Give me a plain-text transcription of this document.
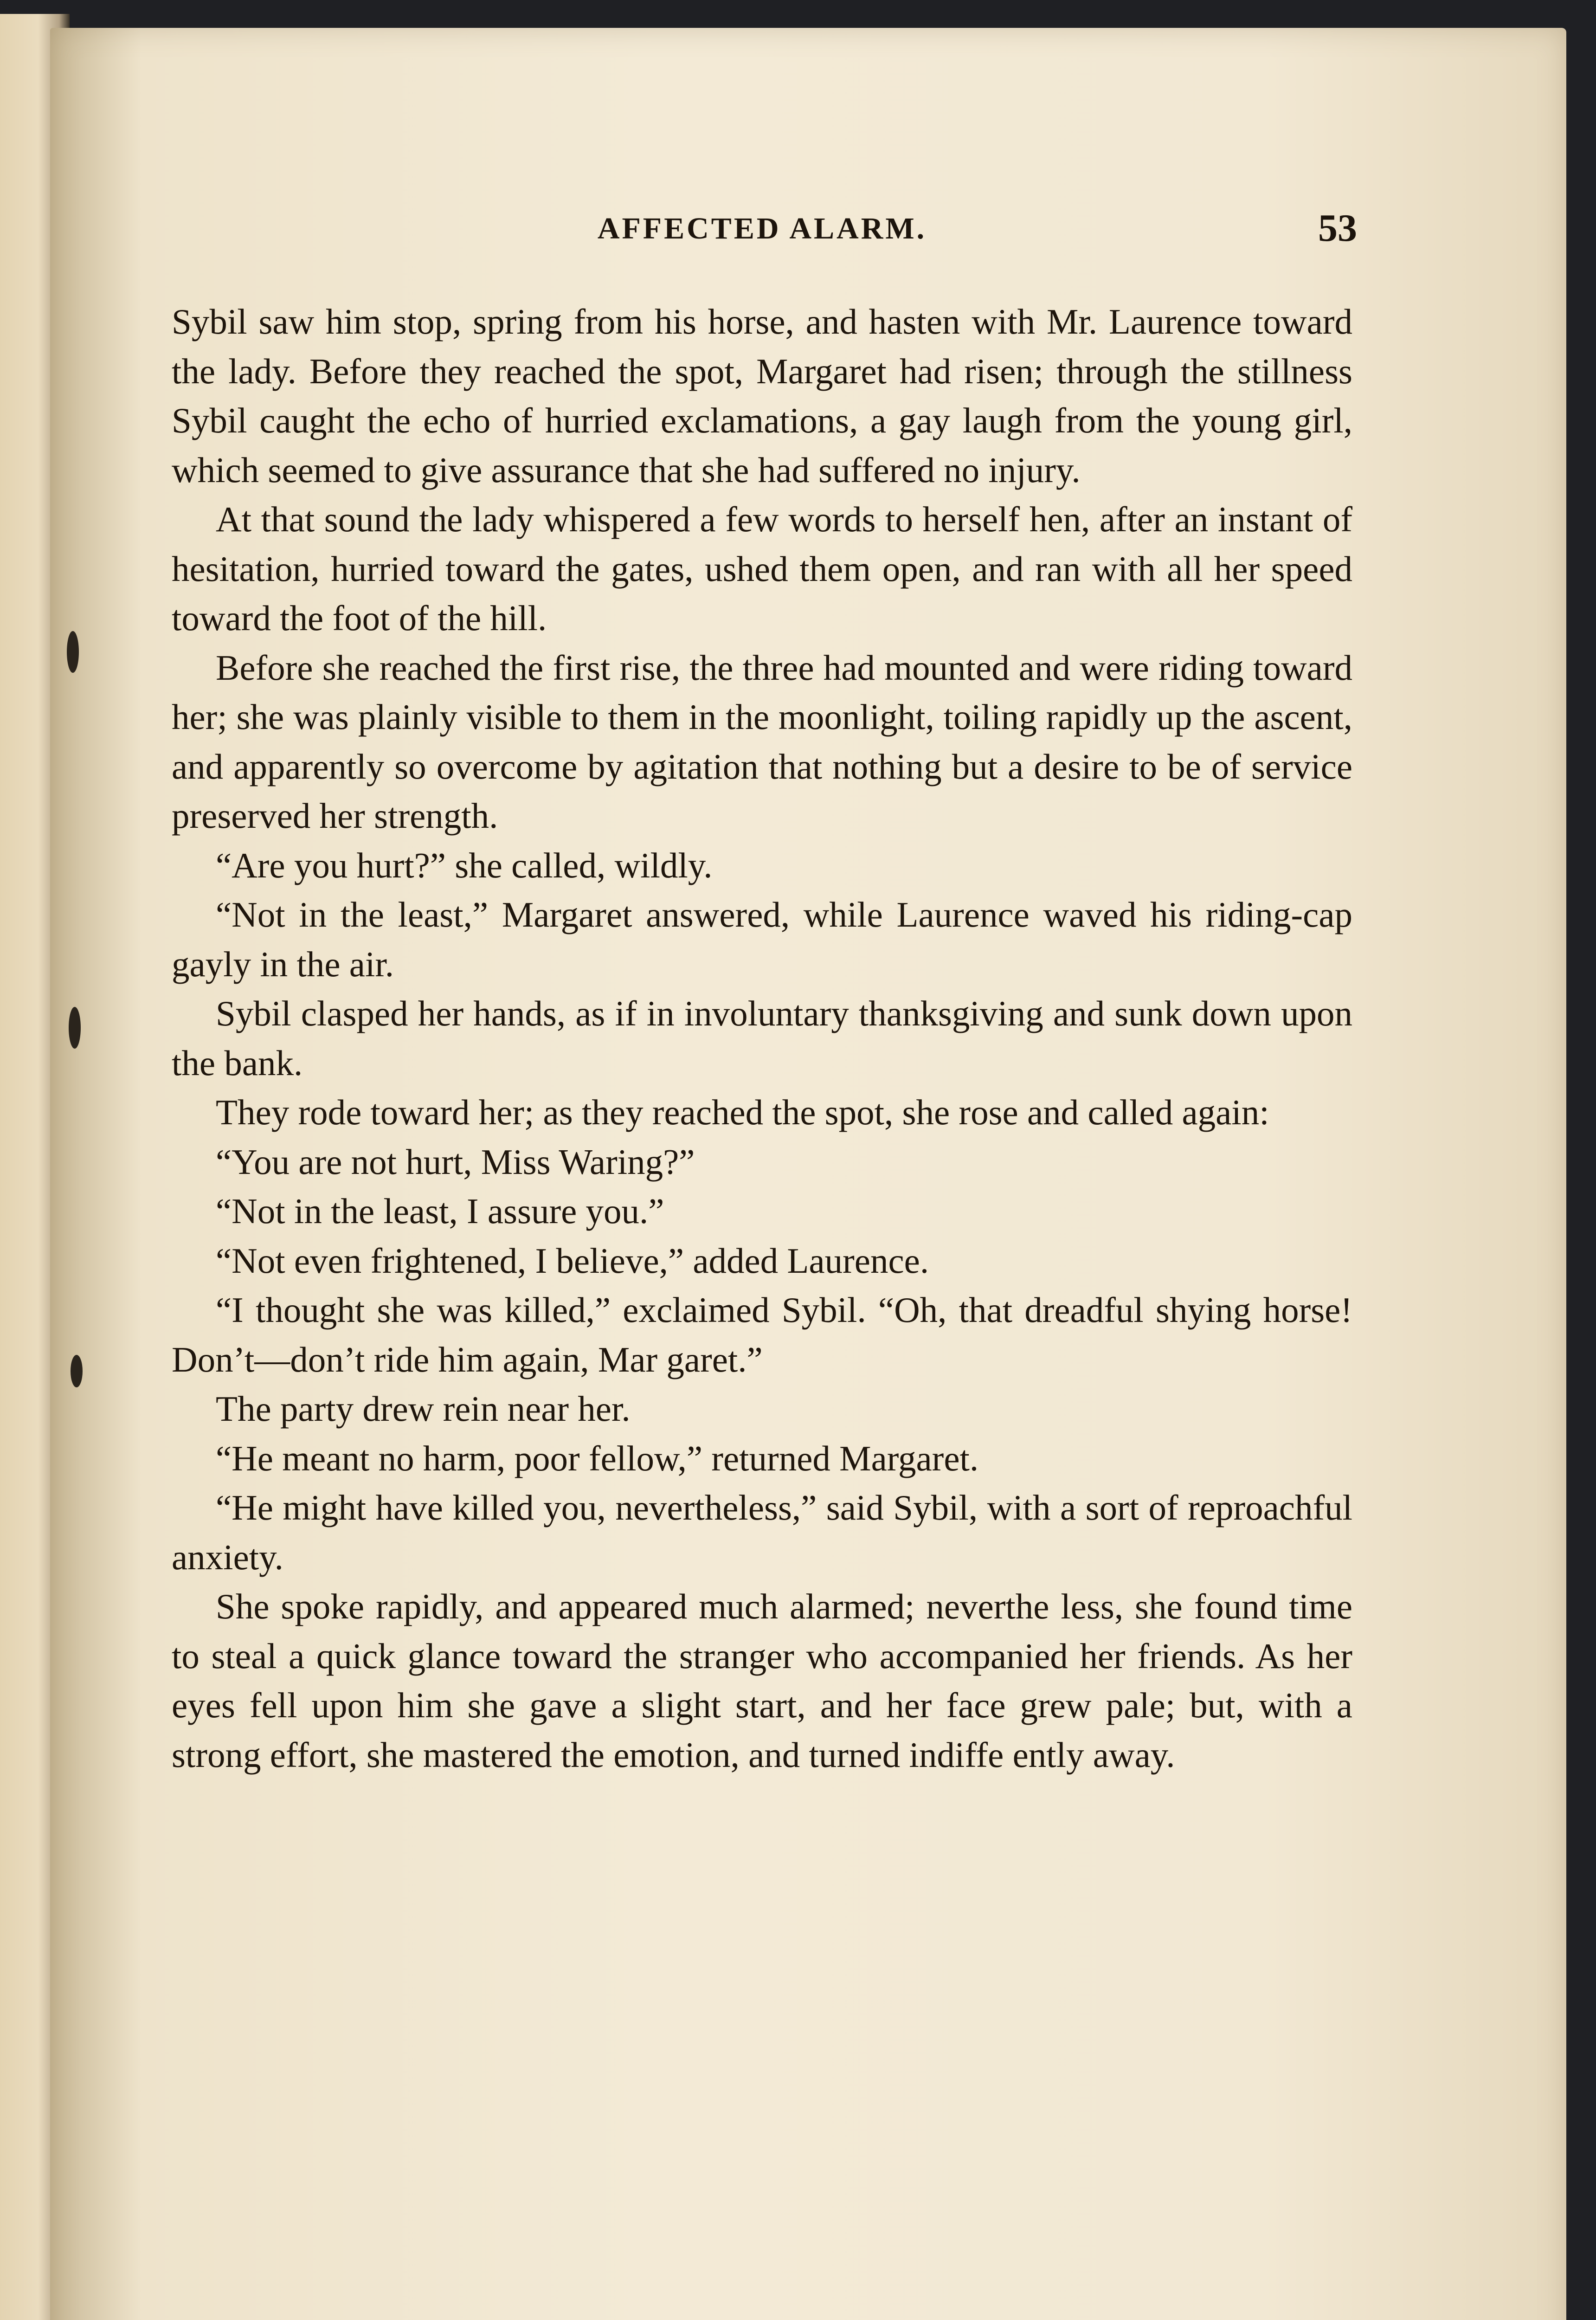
AFFECTED ALARM.	53

Sybil saw him stop, spring from his horse, and hasten with Mr. Laurence toward the lady. Before they reached the spot, Margaret had risen; through the stillness Sybil caught the echo of hurried exclamations, a gay laugh from the young girl, which seemed to give assurance that she had suffered no injury.

At that sound the lady whispered a few words to herself hen, after an instant of hesitation, hurried toward the gates, ushed them open, and ran with all her speed toward the foot of the hill.

Before she reached the first rise, the three had mounted and were riding toward her; she was plainly visible to them in the moonlight, toiling rapidly up the ascent, and apparently so overcome by agitation that nothing but a desire to be of service preserved her strength.

“Are you hurt?” she called, wildly.

“Not in the least,” Margaret answered, while Laurence waved his riding-cap gayly in the air.

Sybil clasped her hands, as if in involuntary thanksgiving and sunk down upon the bank.

They rode toward her; as they reached the spot, she rose and called again:

“You are not hurt, Miss Waring?”

“Not in the least, I assure you.”

“Not even frightened, I believe,” added Laurence.

“I thought she was killed,” exclaimed Sybil. “Oh, that dreadful shying horse! Don’t—don’t ride him again, Mar garet.”

The party drew rein near her.

“He meant no harm, poor fellow,” returned Margaret.

“He might have killed you, nevertheless,” said Sybil, with a sort of reproachful anxiety.

She spoke rapidly, and appeared much alarmed; neverthe less, she found time to steal a quick glance toward the stranger who accompanied her friends. As her eyes fell upon him she gave a slight start, and her face grew pale; but, with a strong effort, she mastered the emotion, and turned indiffe ently away.
